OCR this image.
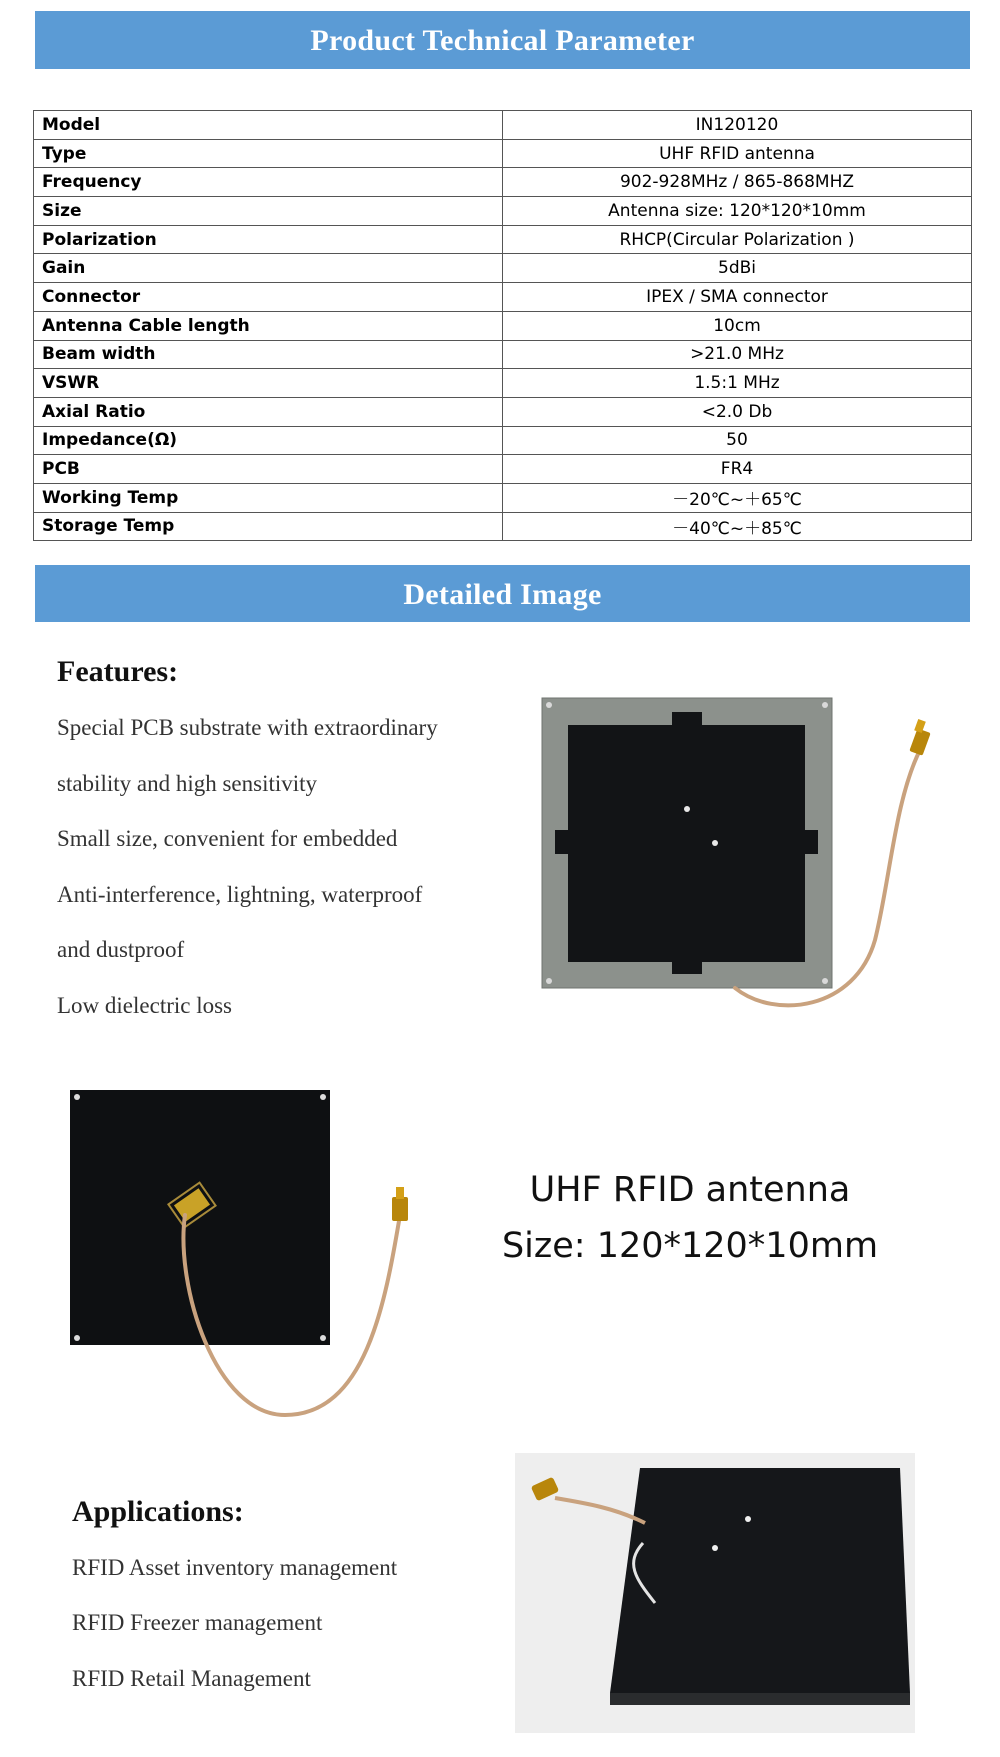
Product Technical Parameter
Model	IN120120
Type	UHF RFID antenna
Frequency	902-928MHz / 865-868MHZ
Size	Antenna size: 120*120*10mm
Polarization	RHCP(Circular Polarization )
Gain	5dBi
Connector	IPEX / SMA connector
Antenna Cable length	10cm
Beam width	>21.0 MHz
VSWR	1.5:1 MHz
Axial Ratio	<2.0 Db
Impedance(Ω)	50
PCB	FR4
Working Temp	－20℃~＋65℃
Storage Temp	－40℃~＋85℃
Detailed Image
Features:
Special PCB substrate with extraordinary
stability and high sensitivity
Small size, convenient for embedded
Anti-interference, lightning, waterproof
and dustproof
Low dielectric loss
UHF RFID antenna
Size: 120*120*10mm
Applications:
RFID Asset inventory management
RFID Freezer management
RFID Retail Management
